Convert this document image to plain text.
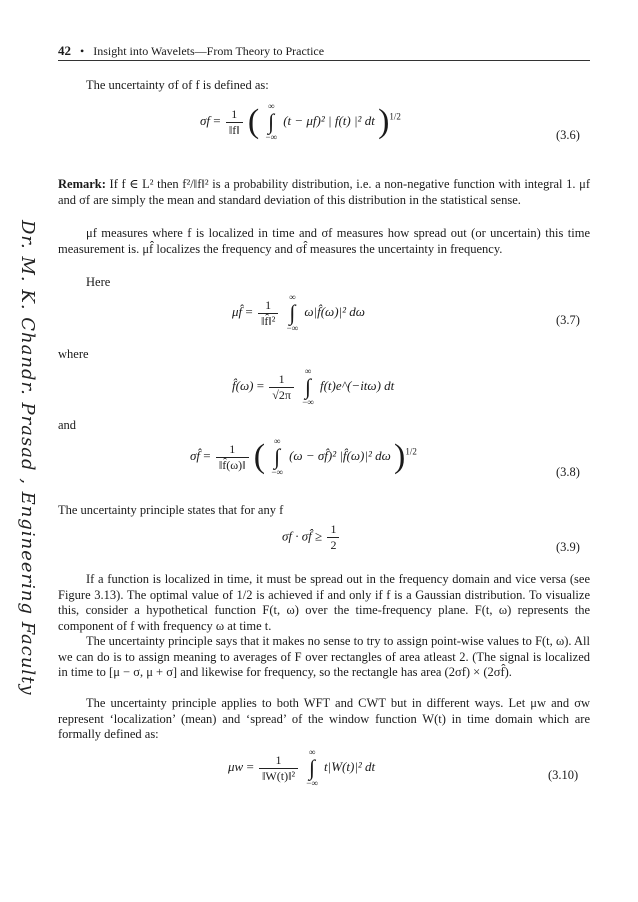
42 • Insight into Wavelets—From Theory to Practice
Dr. M. K. Chandr. Prasad , Engineering Faculty
The uncertainty σf of f is defined as:
$\sigma f = \frac{1}{‖f‖}$ ( ∞
∫
−∞
(t − μf)² | f(t) |² dt )$^{1/2}$
(3.6)
Remark: If f ∈ L² then f²/‖f‖² is a probability distribution, i.e. a non-negative function with integral 1. μf and σf are simply the mean and standard deviation of this distribution in the statistical sense.
μf measures where f is localized in time and σf measures how spread out (or uncertain) this time measurement is. μf̂ localizes the frequency and σf̂ measures the uncertainty in frequency.
Here
μf̂ = $\frac{1}{\text{‖f̂‖²}}$

∞
∫
−∞
ω|f̂(ω)|² dω
(3.7)
where
f̂(ω) = $\frac{1}{√2\pi}$

∞
∫
−∞
f(t)e^(−itω) dt
and
σf̂ = $\frac{1}{‖f̂(\omega)‖}$ ( ∞
∫
−∞
(ω − σf̂)² |f̂(ω)|² dω )$^{1/2}$
(3.8)
The uncertainty principle states that for any f
σf · σf̂ ≥ $\frac{1}{2}$	(3.9)
If a function is localized in time, it must be spread out in the frequency domain and vice versa (see Figure 3.13). The optimal value of 1/2 is achieved if and only if f is a Gaussian distribution. To visualize this, consider a hypothetical function F(t, ω) over the time-frequency plane. F(t, ω) represents the component of f with frequency ω at time t.
The uncertainty principle says that it makes no sense to try to assign point-wise values to F(t, ω). All we can do is to assign meaning to averages of F over rectangles of area atleast 2. (The signal is localized in time to [μ − σ, μ + σ] and likewise for frequency, so the rectangle has area (2σf) × (2σf̂).
The uncertainty principle applies to both WFT and CWT but in different ways. Let μw and σw represent ‘localization’ (mean) and ‘spread’ of the window function W(t) in time domain which are formally defined as:
$\mu w = \frac{1}{\text{‖W(t)‖²}}$

∞
∫
−∞
t|W(t)|² dt
(3.10)
